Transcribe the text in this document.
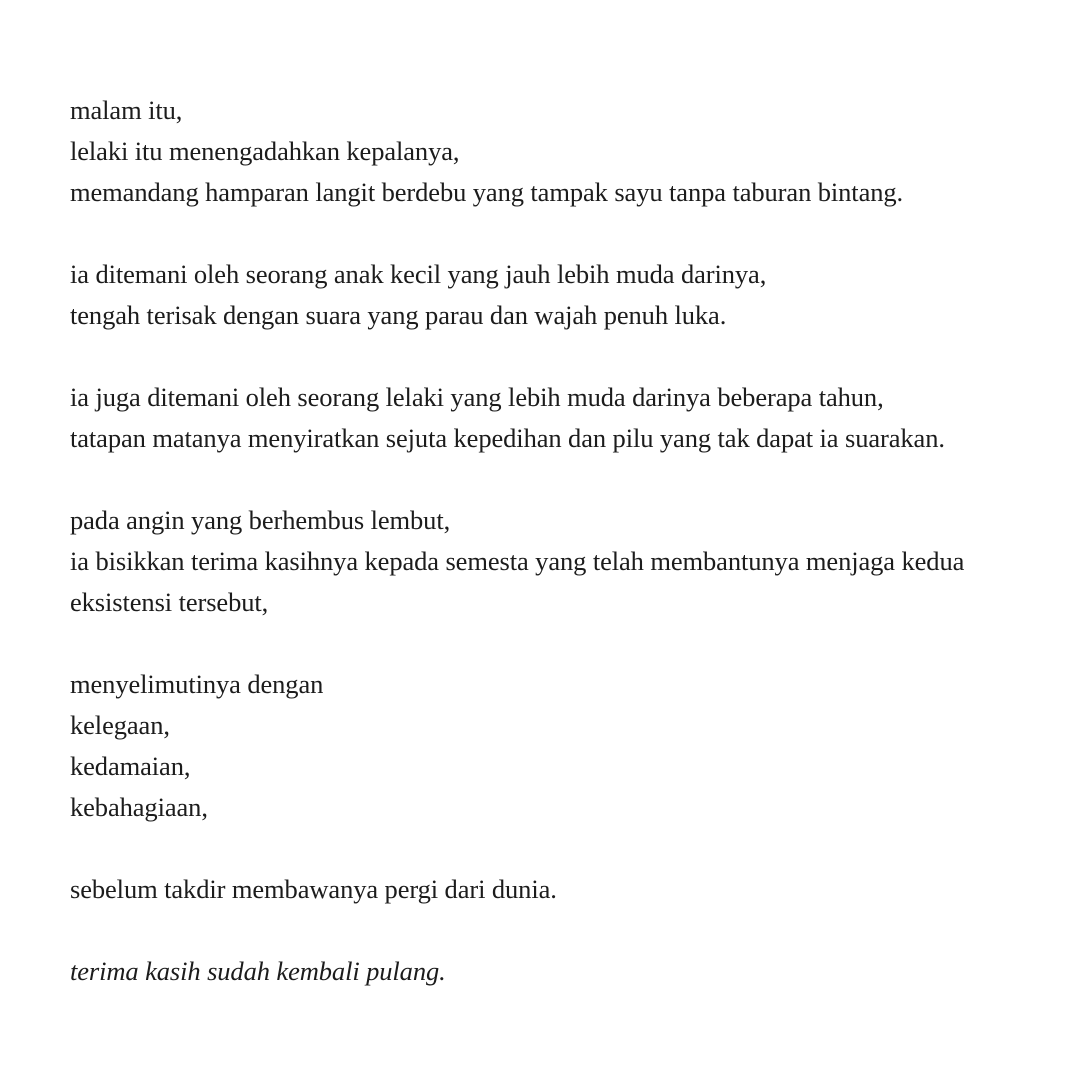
malam itu,
lelaki itu menengadahkan kepalanya,
memandang hamparan langit berdebu yang tampak sayu tanpa taburan bintang.
ia ditemani oleh seorang anak kecil yang jauh lebih muda darinya,
tengah terisak dengan suara yang parau dan wajah penuh luka.
ia juga ditemani oleh seorang lelaki yang lebih muda darinya beberapa tahun,
tatapan matanya menyiratkan sejuta kepedihan dan pilu yang tak dapat ia suarakan.
pada angin yang berhembus lembut,
ia bisikkan terima kasihnya kepada semesta yang telah membantunya menjaga kedua eksistensi tersebut,
menyelimutinya dengan
kelegaan,
kedamaian,
kebahagiaan,
sebelum takdir membawanya pergi dari dunia.

terima kasih sudah kembali pulang.
